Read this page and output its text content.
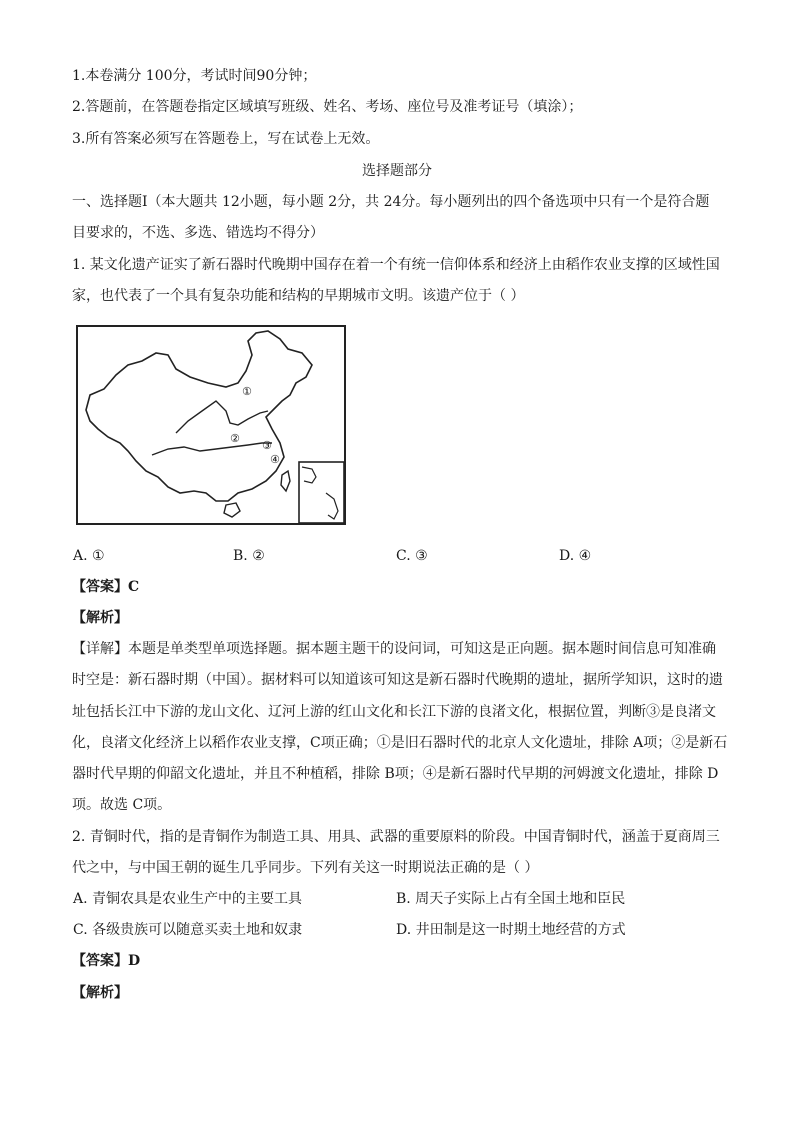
1.本卷满分 100分，考试时间90分钟；
2.答题前，在答题卷指定区域填写班级、姓名、考场、座位号及准考证号（填涂）；
3.所有答案必须写在答题卷上，写在试卷上无效。
选择题部分
一、选择题Ⅰ（本大题共 12小题，每小题 2分，共 24分。每小题列出的四个备选项中只有一个是符合题
目要求的，不选、多选、错选均不得分）
1. 某文化遗产证实了新石器时代晚期中国存在着一个有统一信仰体系和经济上由稻作农业支撑的区域性国
家，也代表了一个具有复杂功能和结构的早期城市文明。该遗产位于（ ）
①
②
③
④
A. ①	B. ②	C. ③	D. ④
【答案】C
【解析】
【详解】本题是单类型单项选择题。据本题主题干的设问词，可知这是正向题。据本题时间信息可知准确
时空是：新石器时期（中国）。据材料可以知道该可知这是新石器时代晚期的遗址，据所学知识，这时的遗
址包括长江中下游的龙山文化、辽河上游的红山文化和长江下游的良渚文化，根据位置，判断③是良渚文
化，良渚文化经济上以稻作农业支撑，C项正确；①是旧石器时代的北京人文化遗址，排除 A项；②是新石
器时代早期的仰韶文化遗址，并且不种植稻，排除 B项；④是新石器时代早期的河姆渡文化遗址，排除 D
项。故选 C项。
2. 青铜时代，指的是青铜作为制造工具、用具、武器的重要原料的阶段。中国青铜时代，涵盖于夏商周三
代之中，与中国王朝的诞生几乎同步。下列有关这一时期说法正确的是（ ）
A. 青铜农具是农业生产中的主要工具	B. 周天子实际上占有全国土地和臣民
C. 各级贵族可以随意买卖土地和奴隶	D. 井田制是这一时期土地经营的方式
【答案】D
【解析】
